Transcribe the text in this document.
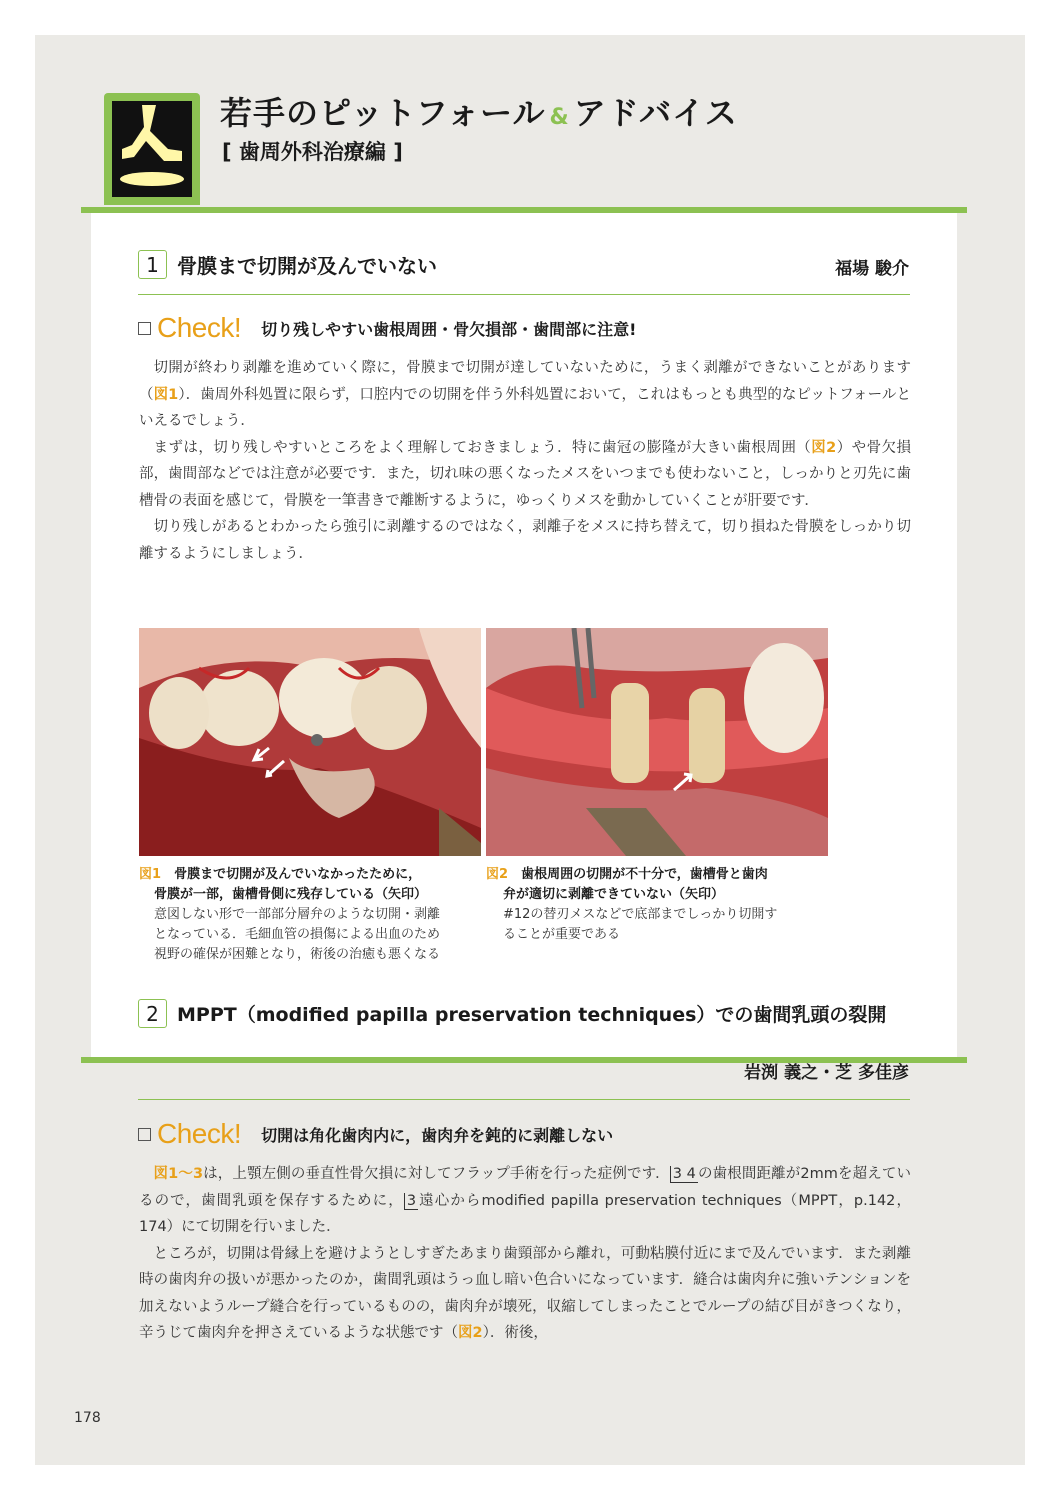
若手のピットフォール & アドバイス
[ 歯周外科治療編 ]
1 骨膜まで切開が及んでいない	福場 駿介
Check! 切り残しやすい歯根周囲・骨欠損部・歯間部に注意!

切開が終わり剥離を進めていく際に，骨膜まで切開が達していないために，うまく剥離ができないことがあります（図1）．歯周外科処置に限らず，口腔内での切開を伴う外科処置において，これはもっとも典型的なピットフォールといえるでしょう．

まずは，切り残しやすいところをよく理解しておきましょう．特に歯冠の膨隆が大きい歯根周囲（図2）や骨欠損部，歯間部などでは注意が必要です．また，切れ味の悪くなったメスをいつまでも使わないこと，しっかりと刃先に歯槽骨の表面を感じて，骨膜を一筆書きで離断するように，ゆっくりメスを動かしていくことが肝要です．

切り残しがあるとわかったら強引に剥離するのではなく，剥離子をメスに持ち替えて，切り損ねた骨膜をしっかり切離するようにしましょう．

図1　 骨膜まで切開が及んでいなかったために，
骨膜が一部，歯槽骨側に残存している（矢印）
意図しない形で一部部分層弁のような切開・剥離
となっている．毛細血管の損傷による出血のため
視野の確保が困難となり，術後の治癒も悪くなる
図2　 歯根周囲の切開が不十分で，歯槽骨と歯肉
弁が適切に剥離できていない（矢印）
#12の替刃メスなどで底部までしっかり切開す
ることが重要である
2 MPPT（modified papilla preservation techniques）での歯間乳頭の裂開
岩渕 義之・芝 多佳彦
Check! 切開は角化歯肉内に，歯肉弁を鈍的に剥離しない

図1～3は，上顎左側の垂直性骨欠損に対してフラップ手術を行った症例です． 3 4 の歯根間距離が2mmを超えているので，歯間乳頭を保存するために， 3 遠心からmodified papilla preservation techniques（MPPT，p.142，174）にて切開を行いました．

ところが，切開は骨縁上を避けようとしすぎたあまり歯頸部から離れ，可動粘膜付近にまで及んでいます．また剥離時の歯肉弁の扱いが悪かったのか，歯間乳頭はうっ血し暗い色合いになっています．縫合は歯肉弁に強いテンションを加えないようループ縫合を行っているものの，歯肉弁が壊死，収縮してしまったことでループの結び目がきつくなり，辛うじて歯肉弁を押さえているような状態です（図2）．術後，

178
